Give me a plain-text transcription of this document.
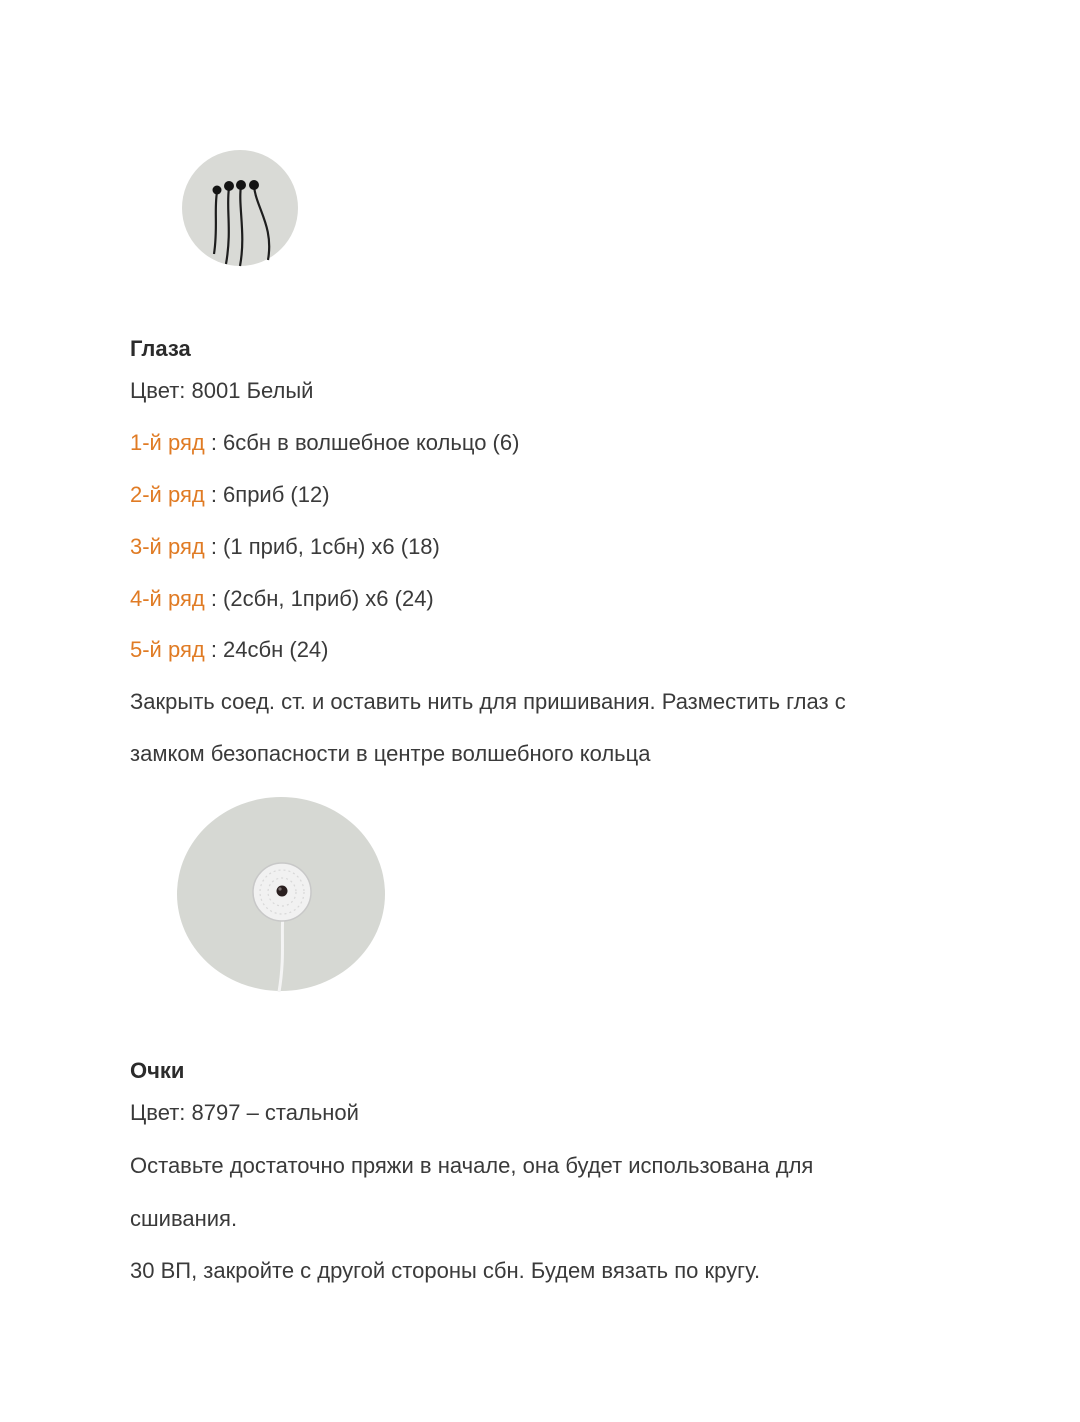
Глаза
Цвет: 8001 Белый
1-й ряд : 6сбн в волшебное кольцо (6)
2-й ряд : 6приб (12)
3-й ряд : (1 приб, 1сбн) x6 (18)
4-й ряд : (2сбн, 1приб) x6 (24)
5-й ряд : 24сбн (24)
Закрыть соед. ст. и оставить нить для пришивания. Разместить глаз с
замком безопасности в центре волшебного кольца
Очки
Цвет: 8797 – стальной
Оставьте достаточно пряжи в начале, она будет использована для
сшивания.
30 ВП, закройте с другой стороны сбн. Будем вязать по кругу.
